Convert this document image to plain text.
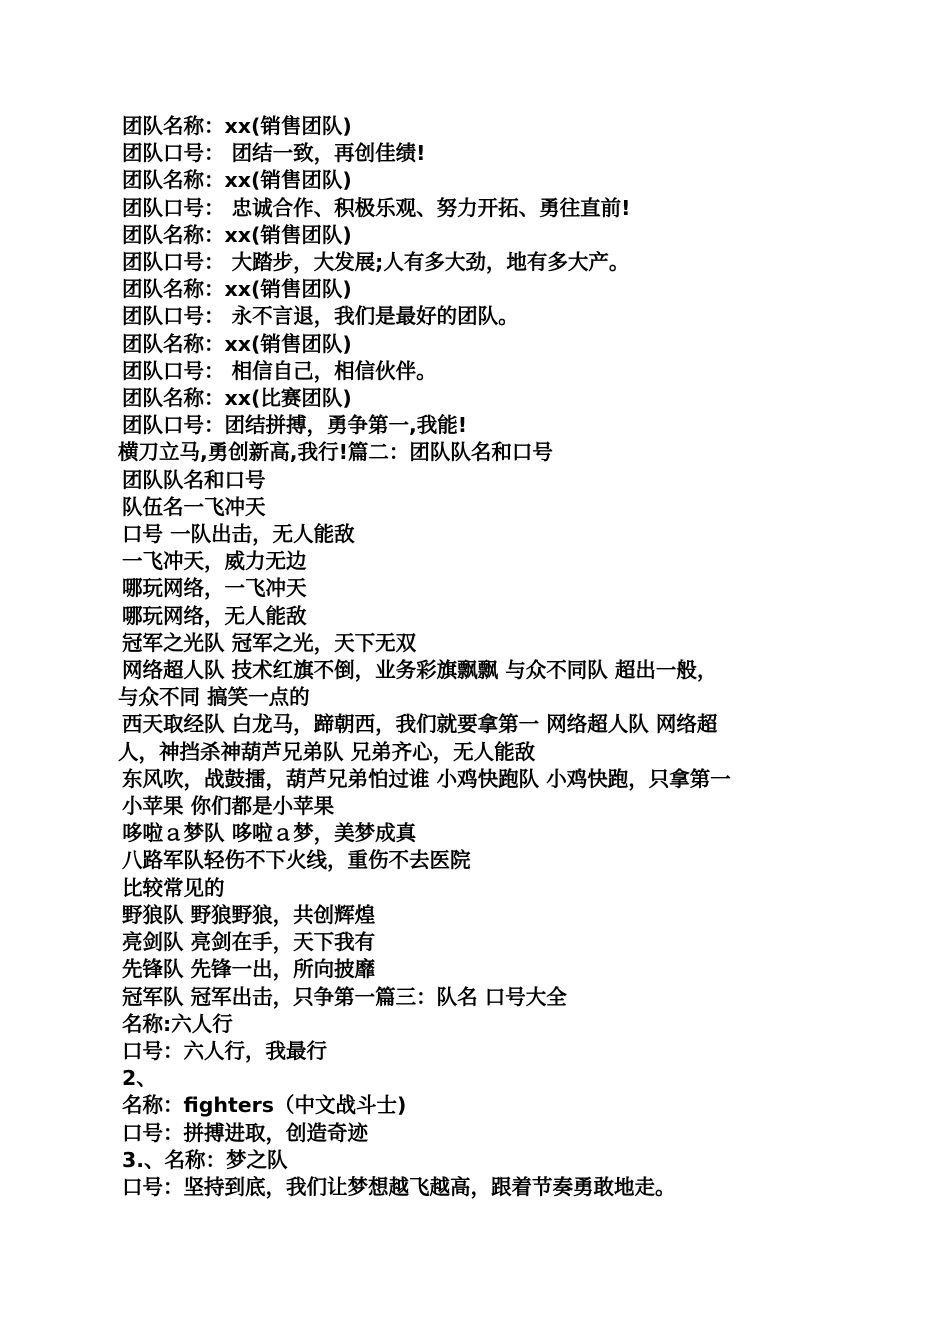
团队名称：xx(销售团队)
团队口号： 团结一致，再创佳绩!
团队名称：xx(销售团队)
团队口号： 忠诚合作、积极乐观、努力开拓、勇往直前!
团队名称：xx(销售团队)
团队口号： 大踏步，大发展;人有多大劲，地有多大产。
团队名称：xx(销售团队)
团队口号： 永不言退，我们是最好的团队。
团队名称：xx(销售团队)
团队口号： 相信自己，相信伙伴。
团队名称：xx(比赛团队)
团队口号：团结拼搏，勇争第一,我能!
横刀立马,勇创新高,我行!篇二：团队队名和口号
团队队名和口号
队伍名一飞冲天
口号 一队出击，无人能敌
一飞冲天，威力无边
哪玩网络，一飞冲天
哪玩网络，无人能敌
冠军之光队 冠军之光，天下无双
网络超人队 技术红旗不倒，业务彩旗飘飘 与众不同队 超出一般，
与众不同 搞笑一点的
西天取经队 白龙马，蹄朝西，我们就要拿第一 网络超人队 网络超
人，神挡杀神葫芦兄弟队 兄弟齐心，无人能敌
东风吹，战鼓擂，葫芦兄弟怕过谁 小鸡快跑队 小鸡快跑，只拿第一
小苹果 你们都是小苹果
哆啦ａ梦队 哆啦ａ梦，美梦成真
八路军队轻伤不下火线，重伤不去医院
比较常见的
野狼队 野狼野狼，共创辉煌
亮剑队 亮剑在手，天下我有
先锋队 先锋一出，所向披靡
冠军队 冠军出击，只争第一篇三：队名 口号大全
名称:六人行
口号：六人行，我最行
2、
名称：fighters（中文战斗士)
口号：拼搏进取，创造奇迹
3.、名称：梦之队
口号：坚持到底，我们让梦想越飞越高，跟着节奏勇敢地走。
